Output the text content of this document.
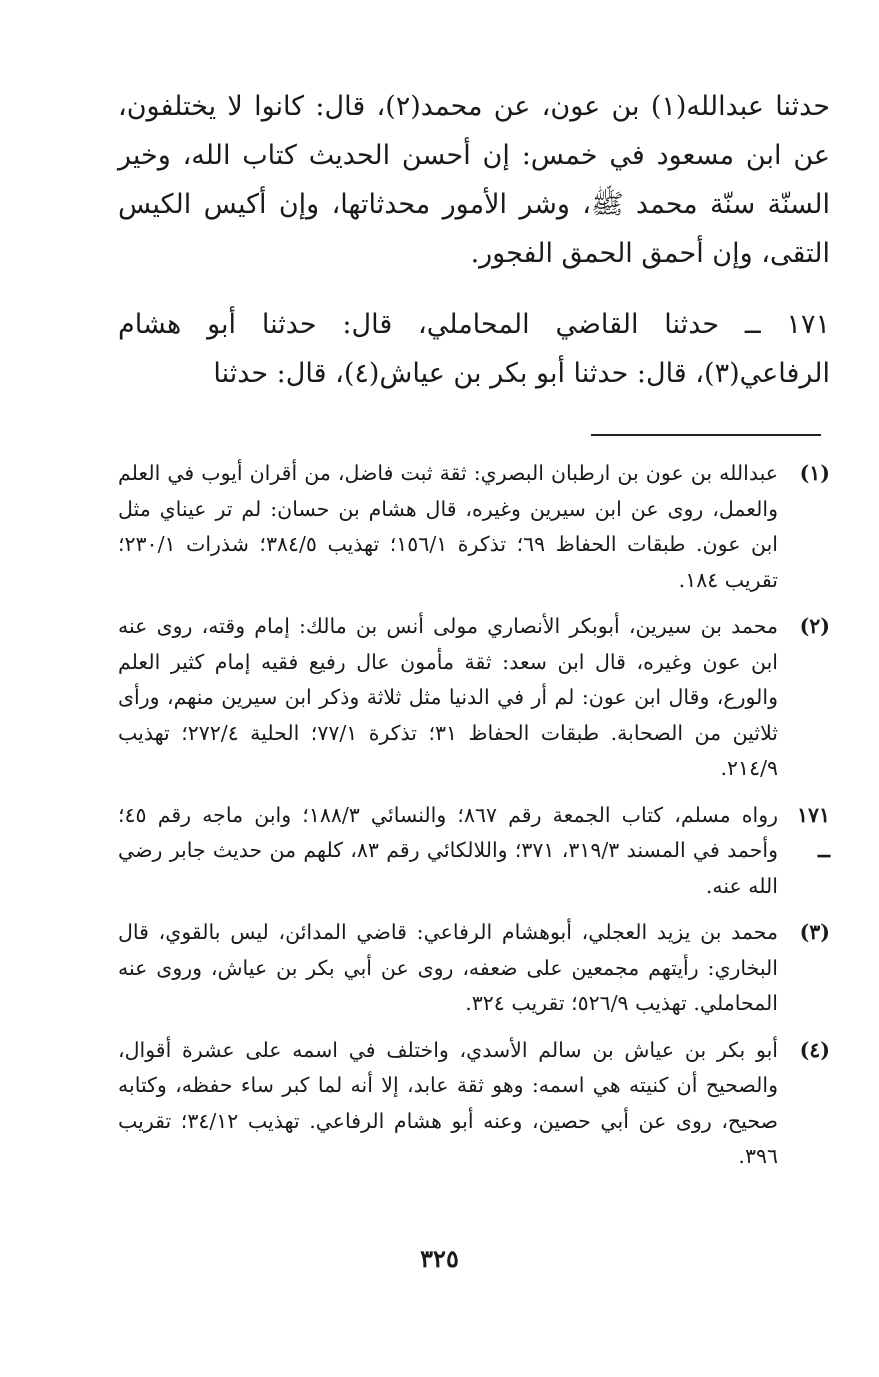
حدثنا عبدالله(١) بن عون، عن محمد(٢)، قال: كانوا لا يختلفون، عن ابن مسعود في خمس: إن أحسن الحديث كتاب الله، وخير السنّة سنّة محمد ﷺ، وشر الأمور محدثاتها، وإن أكيس الكيس التقى، وإن أحمق الحمق الفجور.

١٧١ ــ حدثنا القاضي المحاملي، قال: حدثنا أبو هشام الرفاعي(٣)، قال: حدثنا أبو بكر بن عياش(٤)، قال: حدثنا

(١)
عبدالله بن عون بن ارطبان البصري: ثقة ثبت فاضل، من أقران أيوب في العلم والعمل، روى عن ابن سيرين وغيره، قال هشام بن حسان: لم تر عيناي مثل ابن عون. طبقات الحفاظ ٦٩؛ تذكرة ١٥٦/١؛ تهذيب ٣٨٤/٥؛ شذرات ٢٣٠/١؛ تقريب ١٨٤.
(٢)
محمد بن سيرين، أبوبكر الأنصاري مولى أنس بن مالك: إمام وقته، روى عنه ابن عون وغيره، قال ابن سعد: ثقة مأمون عال رفيع فقيه إمام كثير العلم والورع، وقال ابن عون: لم أر في الدنيا مثل ثلاثة وذكر ابن سيرين منهم، ورأى ثلاثين من الصحابة. طبقات الحفاظ ٣١؛ تذكرة ٧٧/١؛ الحلية ٢٧٢/٤؛ تهذيب ٢١٤/٩.
١٧١ ــ
رواه مسلم، كتاب الجمعة رقم ٨٦٧؛ والنسائي ١٨٨/٣؛ وابن ماجه رقم ٤٥؛ وأحمد في المسند ٣١٩/٣، ٣٧١؛ واللالكائي رقم ٨٣، كلهم من حديث جابر رضي الله عنه.
(٣)
محمد بن يزيد العجلي، أبوهشام الرفاعي: قاضي المدائن، ليس بالقوي، قال البخاري: رأيتهم مجمعين على ضعفه، روى عن أبي بكر بن عياش، وروى عنه المحاملي. تهذيب ٥٢٦/٩؛ تقريب ٣٢٤.
(٤)
أبو بكر بن عياش بن سالم الأسدي، واختلف في اسمه على عشرة أقوال، والصحيح أن كنيته هي اسمه: وهو ثقة عابد، إلا أنه لما كبر ساء حفظه، وكتابه صحيح، روى عن أبي حصين، وعنه أبو هشام الرفاعي. تهذيب ٣٤/١٢؛ تقريب ٣٩٦.
٣٢٥
